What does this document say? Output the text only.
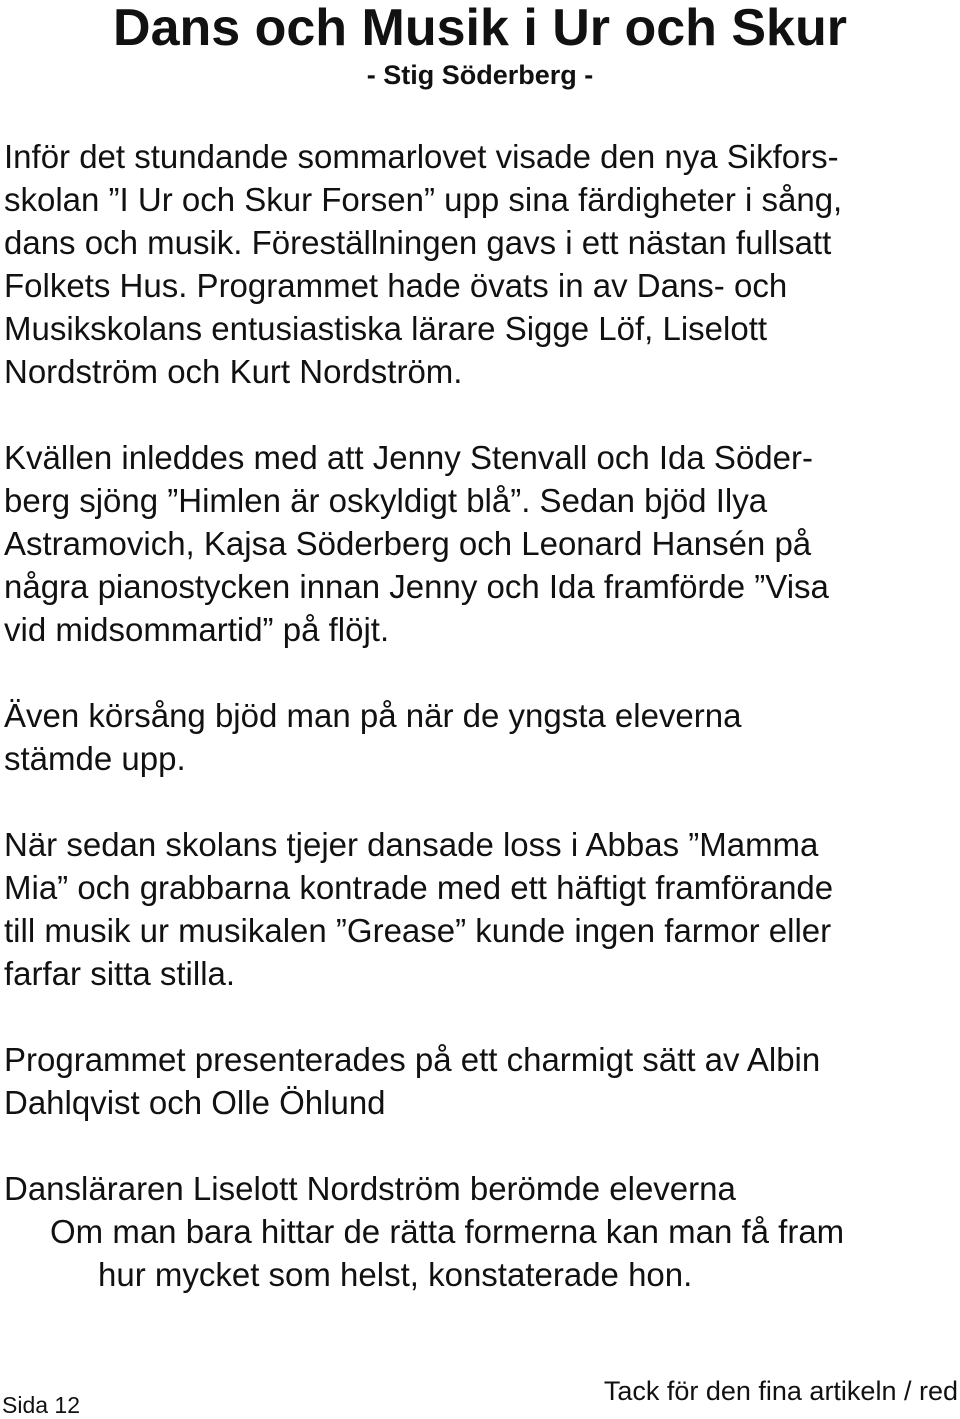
Dans och Musik i Ur och Skur
- Stig Söderberg -

Inför det stundande sommarlovet visade den nya Sikfors-

skolan ”I Ur och Skur Forsen” upp sina färdigheter i sång,

dans och musik. Föreställningen gavs i ett nästan fullsatt

Folkets Hus. Programmet hade övats in av Dans- och

Musikskolans entusiastiska lärare Sigge Löf, Liselott

Nordström och Kurt Nordström.

Kvällen inleddes med att Jenny Stenvall och Ida Söder-

berg sjöng ”Himlen är oskyldigt blå”. Sedan bjöd Ilya

Astramovich, Kajsa Söderberg och Leonard Hansén på

några pianostycken innan Jenny och Ida framförde ”Visa

vid midsommartid” på flöjt.

Även körsång bjöd man på när de yngsta eleverna

stämde upp.

När sedan skolans tjejer dansade loss i Abbas ”Mamma

Mia” och grabbarna kontrade med ett häftigt framförande

till musik ur musikalen ”Grease” kunde ingen farmor eller

farfar sitta stilla.

Programmet presenterades på ett charmigt sätt av Albin

Dahlqvist och Olle Öhlund

Dansläraren Liselott Nordström berömde eleverna

Om man bara hittar de rätta formerna kan man få fram

hur mycket som helst, konstaterade hon.

Sida 12	Tack för den fina artikeln / red
